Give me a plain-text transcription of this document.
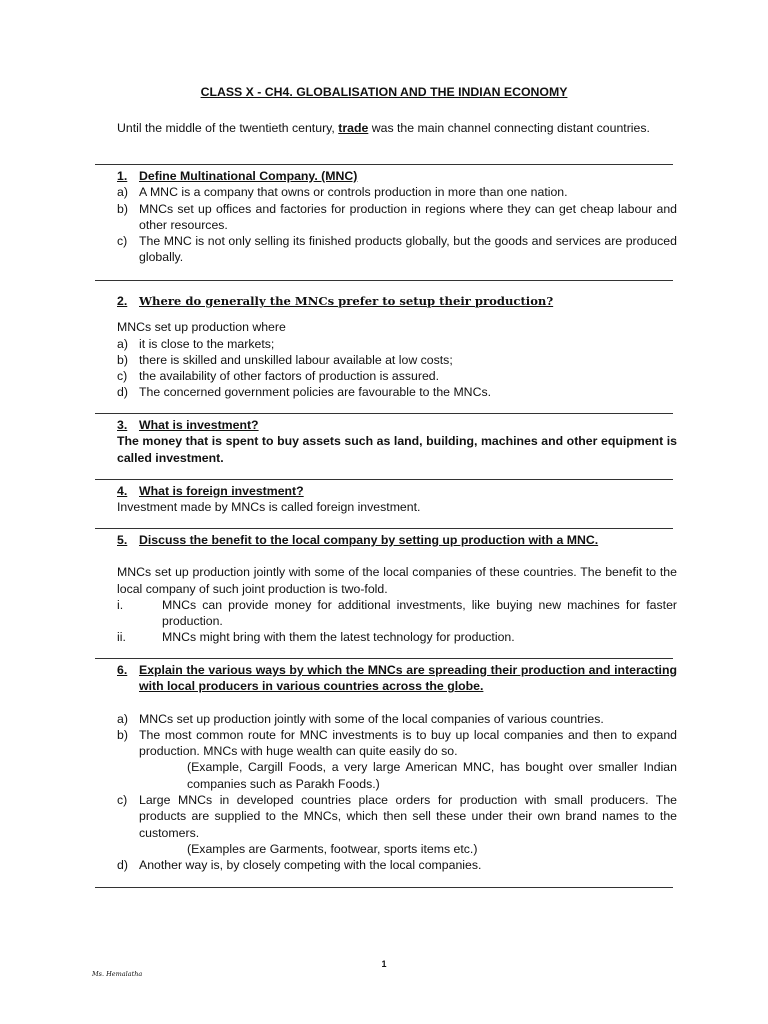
CLASS X - CH4. GLOBALISATION AND THE INDIAN ECONOMY
Until the middle of the twentieth century, trade was the main channel connecting distant countries.
1. Define Multinational Company. (MNC)
a) A MNC is a company that owns or controls production in more than one nation.
b) MNCs set up offices and factories for production in regions where they can get cheap labour and other resources.
c) The MNC is not only selling its finished products globally, but the goods and services are produced globally.
2. Where do generally the MNCs prefer to setup their production?
MNCs set up production where
a) it is close to the markets;
b) there is skilled and unskilled labour available at low costs;
c) the availability of other factors of production is assured.
d) The concerned government policies are favourable to the MNCs.
3. What is investment?
The money that is spent to buy assets such as land, building, machines and other equipment is called investment.
4. What is foreign investment?
Investment made by MNCs is called foreign investment.
5. Discuss the benefit to the local company by setting up production with a MNC.
MNCs set up production jointly with some of the local companies of these countries. The benefit to the local company of such joint production is two-fold.
i.	MNCs can provide money for additional investments, like buying new machines for faster production.
ii.	MNCs might bring with them the latest technology for production.
6. Explain the various ways by which the MNCs are spreading their production and interacting with local producers in various countries across the globe.
a) MNCs set up production jointly with some of the local companies of various countries.
b) The most common route for MNC investments is to buy up local companies and then to expand production. MNCs with huge wealth can quite easily do so.
(Example, Cargill Foods, a very large American MNC, has bought over smaller Indian companies such as Parakh Foods.)
c) Large MNCs in developed countries place orders for production with small producers. The products are supplied to the MNCs, which then sell these under their own brand names to the customers.
(Examples are Garments, footwear, sports items etc.)
d) Another way is, by closely competing with the local companies.
1
Ms. Hemalatha
